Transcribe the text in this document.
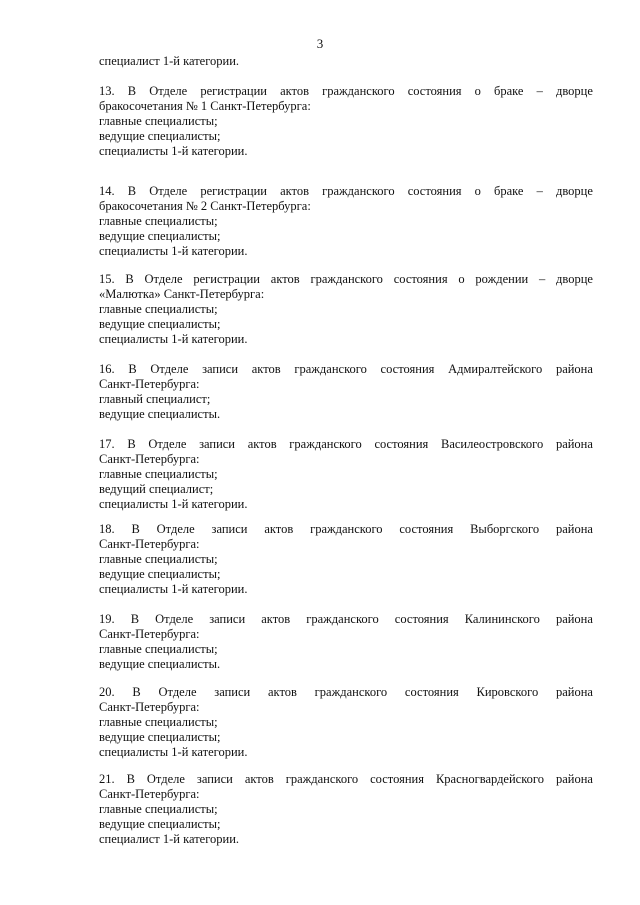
3
специалист 1-й категории.
13. В Отделе регистрации актов гражданского состояния о браке – дворце
бракосочетания № 1 Санкт-Петербурга:
главные специалисты;
ведущие специалисты;
специалисты 1-й категории.
14. В Отделе регистрации актов гражданского состояния о браке – дворце
бракосочетания № 2 Санкт-Петербурга:
главные специалисты;
ведущие специалисты;
специалисты 1-й категории.
15. В Отделе регистрации актов гражданского состояния о рождении – дворце
«Малютка» Санкт-Петербурга:
главные специалисты;
ведущие специалисты;
специалисты 1-й категории.
16. В Отделе записи актов гражданского состояния Адмиралтейского района
Санкт-Петербурга:
главный специалист;
ведущие специалисты.
17. В Отделе записи актов гражданского состояния Василеостровского района
Санкт-Петербурга:
главные специалисты;
ведущий специалист;
специалисты 1-й категории.
18. В Отделе записи актов гражданского состояния Выборгского района
Санкт-Петербурга:
главные специалисты;
ведущие специалисты;
специалисты 1-й категории.
19. В Отделе записи актов гражданского состояния Калининского района
Санкт-Петербурга:
главные специалисты;
ведущие специалисты.
20. В Отделе записи актов гражданского состояния Кировского района
Санкт-Петербурга:
главные специалисты;
ведущие специалисты;
специалисты 1-й категории.
21. В Отделе записи актов гражданского состояния Красногвардейского района
Санкт-Петербурга:
главные специалисты;
ведущие специалисты;
специалист 1-й категории.
